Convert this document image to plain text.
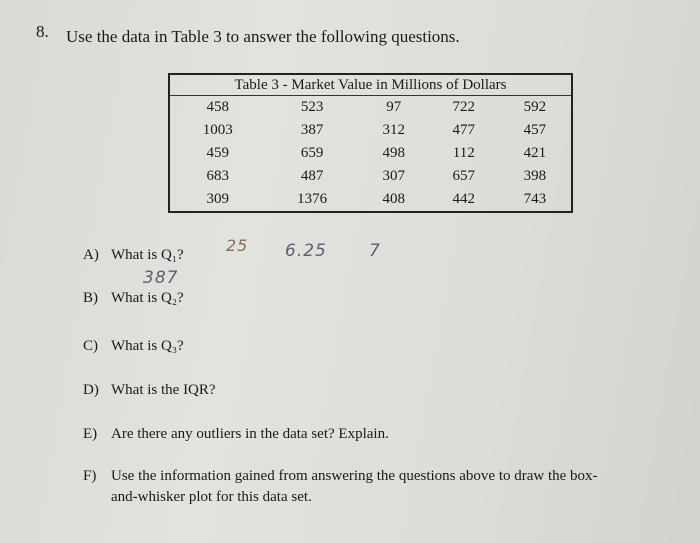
8. Use the data in Table 3 to answer the following questions.
Table 3 - Market Value in Millions of Dollars				
458	523	97	722	592
1003	387	312	477	457
459	659	498	112	421
683	487	307	657	398
309	1376	408	442	743
A) What is Q₁?
B) What is Q₂?
C) What is Q₃?
D) What is the IQR?
E) Are there any outliers in the data set? Explain.
F) Use the information gained from answering the questions above to draw the box-
and-whisker plot for this data set.
25 6.25 7
387
